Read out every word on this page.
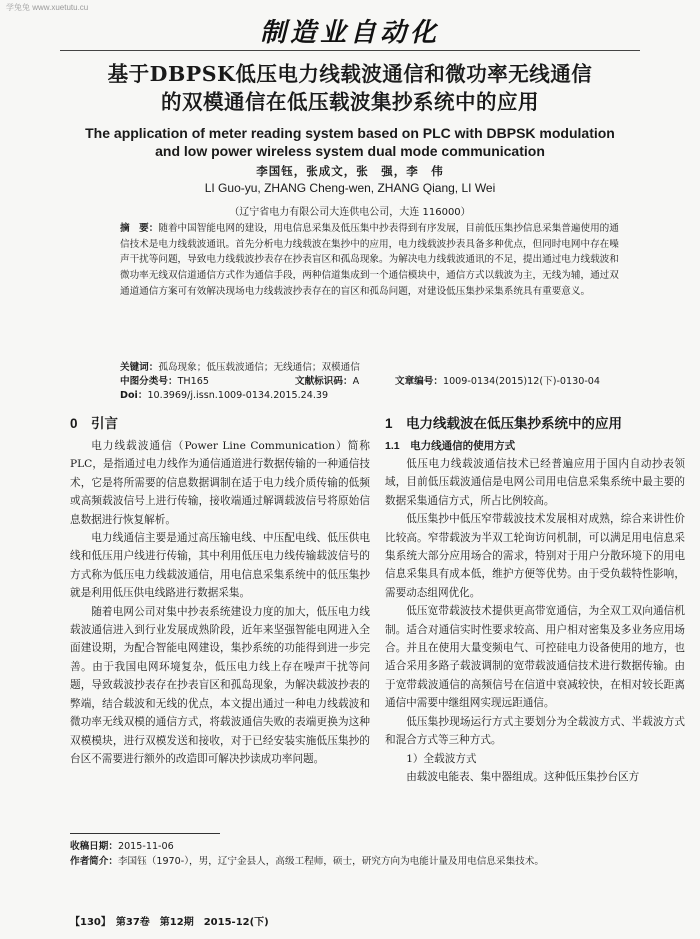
学兔兔 www.xuetutu.cu
制造业自动化
基于DBPSK低压电力线载波通信和微功率无线通信
的双模通信在低压载波集抄系统中的应用
The application of meter reading system based on PLC with DBPSK modulation
and low power wireless system dual mode communication
李国钰，张成文，张　强，李　伟
LI Guo-yu, ZHANG Cheng-wen, ZHANG Qiang, LI Wei
（辽宁省电力有限公司大连供电公司，大连 116000）
摘　要：随着中国智能电网的建设，用电信息采集及低压集中抄表得到有序发展，目前低压集抄信息采集普遍使用的通信技术是电力线载波通讯。首先分析电力线载波在集抄中的应用，电力线载波抄表具备多种优点，但同时电网中存在噪声干扰等问题，导致电力线载波抄表存在抄表盲区和孤岛现象。为解决电力线载波通讯的不足，提出通过电力线载波和微功率无线双信道通信方式作为通信手段，两种信道集成到一个通信模块中，通信方式以载波为主，无线为辅，通过双通道通信方案可有效解决现场电力线载波抄表存在的盲区和孤岛问题，对建设低压集抄采集系统具有重要意义。
关键词：孤岛现象；低压载波通信；无线通信；双模通信
中图分类号：TH165	文献标识码：A	文章编号：1009-0134(2015)12(下)-0130-04
Doi：10.3969/j.issn.1009-0134.2015.24.39
0　引言

电力线载波通信（Power Line Communication）简称PLC，是指通过电力线作为通信通道进行数据传输的一种通信技术，它是将所需要的信息数据调制在适于电力线介质传输的低频或高频载波信号上进行传输，接收端通过解调载波信号将原始信息数据进行恢复解析。

电力线通信主要是通过高压输电线、中压配电线、低压供电线和低压用户线进行传输，其中利用低压电力线传输载波信号的方式称为低压电力线载波通信，用电信息采集系统中的低压集抄就是利用低压供电线路进行数据采集。

随着电网公司对集中抄表系统建设力度的加大，低压电力线载波通信进入到行业发展成熟阶段，近年来坚强智能电网进入全面建设期，为配合智能电网建设，集抄系统的功能得到进一步完善。由于我国电网环境复杂，低压电力线上存在噪声干扰等问题，导致载波抄表存在抄表盲区和孤岛现象，为解决载波抄表的弊端，结合载波和无线的优点，本文提出通过一种电力线载波和微功率无线双模的通信方式，将载波通信失败的表端更换为这种双模模块，进行双模发送和接收，对于已经安装实施低压集抄的台区不需要进行额外的改造即可解决抄读成功率问题。

1　电力线载波在低压集抄系统中的应用
1.1　电力线通信的使用方式

低压电力线载波通信技术已经普遍应用于国内自动抄表领域，目前低压载波通信是电网公司用电信息采集系统中最主要的数据采集通信方式，所占比例较高。

低压集抄中低压窄带载波技术发展相对成熟，综合来讲性价比较高。窄带载波为半双工轮询访问机制，可以满足用电信息采集系统大部分应用场合的需求，特别对于用户分散环境下的用电信息采集具有成本低，维护方便等优势。由于受负载特性影响，需要动态组网优化。

低压宽带载波技术提供更高带宽通信，为全双工双向通信机制。适合对通信实时性要求较高、用户相对密集及多业务应用场合。并且在使用大量变频电气、可控硅电力设备使用的地方，也适合采用多路子载波调制的宽带载波通信技术进行数据传输。由于宽带载波通信的高频信号在信道中衰减较快，在相对较长距离通信中需要中继组网实现远距通信。

低压集抄现场运行方式主要划分为全载波方式、半载波方式和混合方式等三种方式。

1）全载波方式

由载波电能表、集中器组成。这种低压集抄台区方

收稿日期：2015-11-06
作者简介：李国钰（1970-），男，辽宁金县人，高级工程师，硕士，研究方向为电能计量及用电信息采集技术。
【130】　第37卷　第12期　2015-12(下)
